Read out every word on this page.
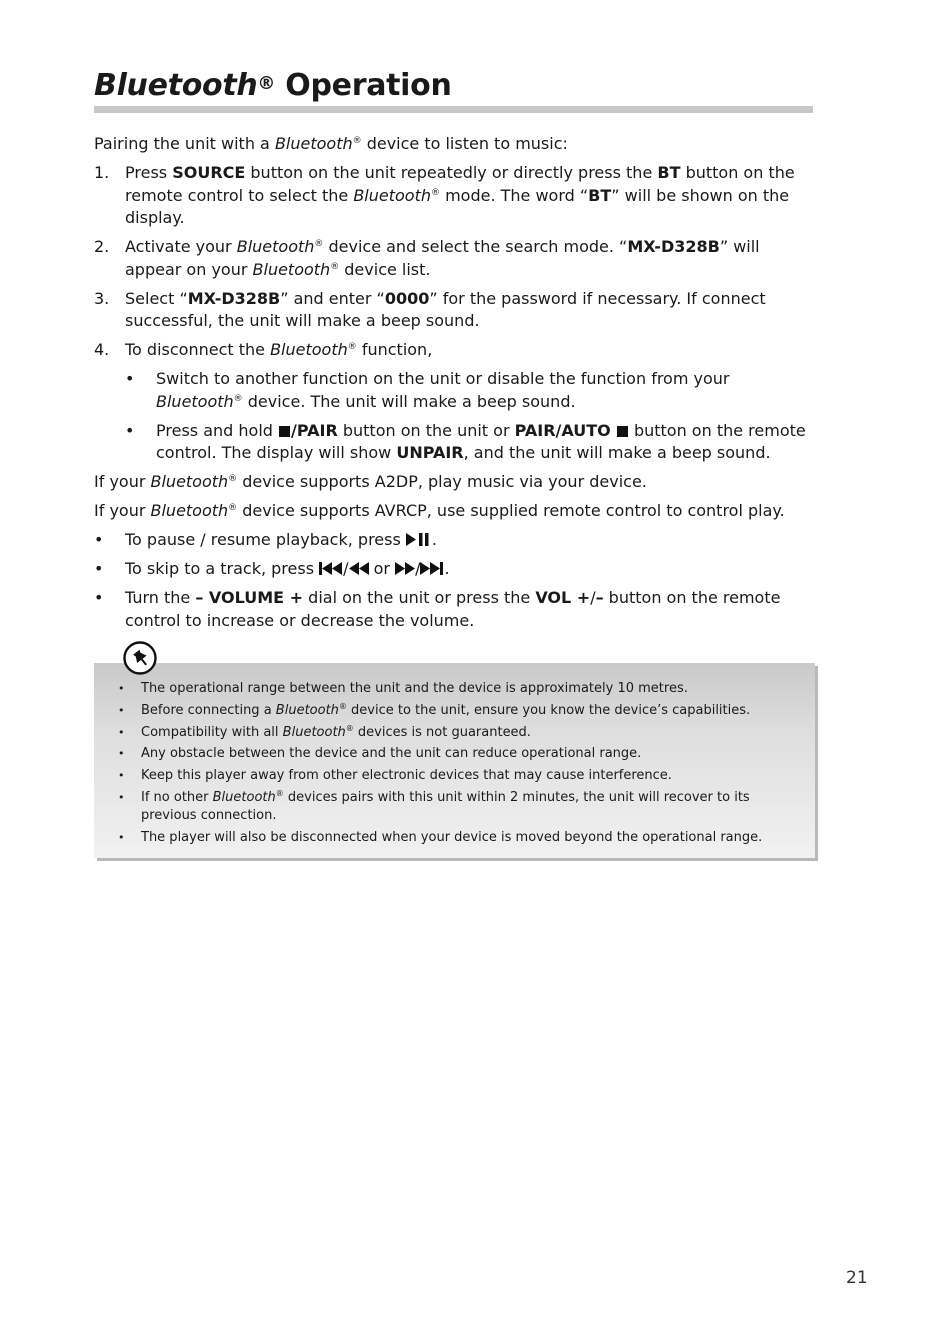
Bluetooth® Operation

Pairing the unit with a Bluetooth® device to listen to music:

1. Press SOURCE button on the unit repeatedly or directly press the BT button on the remote control to select the Bluetooth® mode. The word “BT” will be shown on the display.
2. Activate your Bluetooth® device and select the search mode. “MX-D328B” will appear on your Bluetooth® device list.
3. Select “MX-D328B” and enter “0000” for the password if necessary. If connect successful, the unit will make a beep sound.
4. To disconnect the Bluetooth® function,
•	Switch to another function on the unit or disable the function from your Bluetooth® device. The unit will make a beep sound.
•	Press and hold /PAIR button on the unit or PAIR/AUTO  button on the remote control. The display will show UNPAIR, and the unit will make a beep sound.

If your Bluetooth® device supports A2DP, play music via your device.

If your Bluetooth® device supports AVRCP, use supplied remote control to control play.

•	To pause / resume playback, press .
•	To skip to a track, press / or / .
•	Turn the – VOLUME + dial on the unit or press the VOL +/– button on the remote control to increase or decrease the volume.
•	The operational range between the unit and the device is approximately 10 metres.
•	Before connecting a Bluetooth® device to the unit, ensure you know the device’s capabilities.
•	Compatibility with all Bluetooth® devices is not guaranteed.
•	Any obstacle between the device and the unit can reduce operational range.
•	Keep this player away from other electronic devices that may cause interference.
•	If no other Bluetooth® devices pairs with this unit within 2 minutes, the unit will recover to its previous connection.
•	The player will also be disconnected when your device is moved beyond the operational range.
21
